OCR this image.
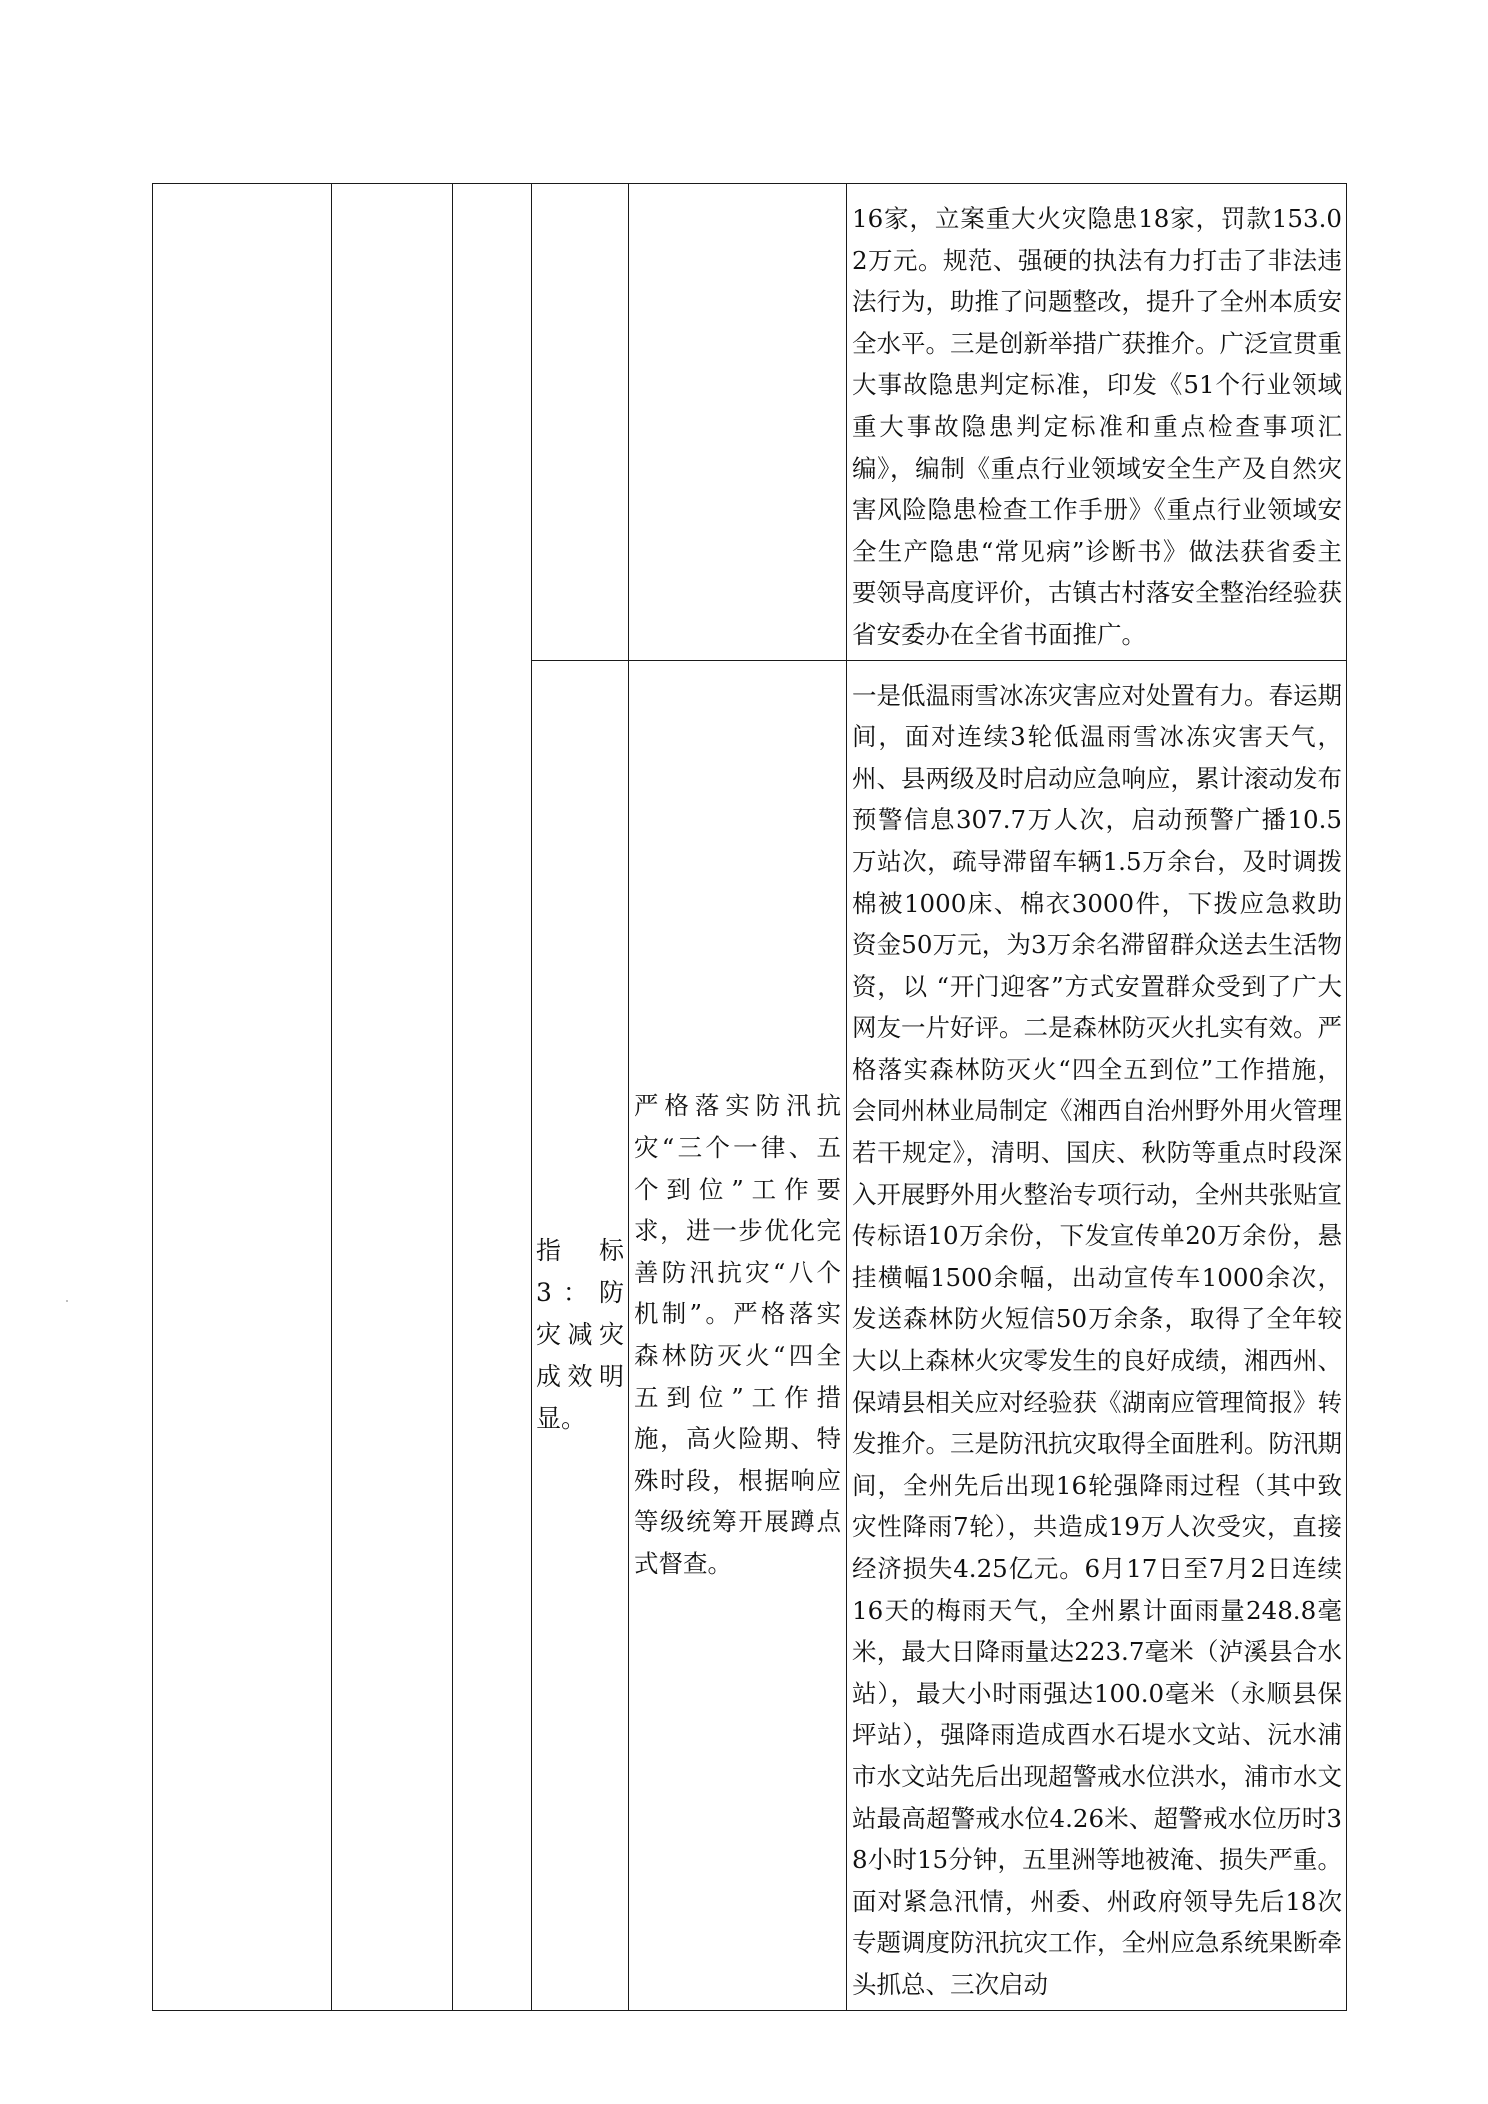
					16家，立案重大火灾隐患18家，罚款153.02万元。规范、强硬的执法有力打击了非法违法行为，助推了问题整改，提升了全州本质安全水平。三是创新举措广获推介。广泛宣贯重大事故隐患判定标准，印发《51个行业领域重大事故隐患判定标准和重点检查事项汇编》，编制《重点行业领域安全生产及自然灾害风险隐患检查工作手册》《重点行业领域安全生产隐患“常见病”诊断书》做法获省委主要领导高度评价，古镇古村落安全整治经验获省安委办在全省书面推广。

			指标3：防灾减灾成效明显。	严格落实防汛抗灾“三个一律、五个到位”工作要求，进一步优化完善防汛抗灾“八个机制”。严格落实森林防灭火“四全五到位”工作措施，高火险期、特殊时段，根据响应等级统筹开展蹲点式督查。	一是低温雨雪冰冻灾害应对处置有力。春运期间，面对连续3轮低温雨雪冰冻灾害天气，州、县两级及时启动应急响应，累计滚动发布预警信息307.7万人次，启动预警广播10.5万站次，疏导滞留车辆1.5万余台，及时调拨棉被1000床、棉衣3000件，下拨应急救助资金50万元，为3万余名滞留群众送去生活物资，以 “开门迎客”方式安置群众受到了广大网友一片好评。二是森林防灭火扎实有效。严格落实森林防灭火“四全五到位”工作措施，会同州林业局制定《湘西自治州野外用火管理若干规定》，清明、国庆、秋防等重点时段深入开展野外用火整治专项行动，全州共张贴宣传标语10万余份，下发宣传单20万余份，悬挂横幅1500余幅，出动宣传车1000余次，发送森林防火短信50万余条，取得了全年较大以上森林火灾零发生的良好成绩，湘西州、保靖县相关应对经验获《湖南应管理简报》转发推介。三是防汛抗灾取得全面胜利。防汛期间，全州先后出现16轮强降雨过程（其中致灾性降雨7轮），共造成19万人次受灾，直接经济损失4.25亿元。6月17日至7月2日连续16天的梅雨天气，全州累计面雨量248.8毫米，最大日降雨量达223.7毫米（泸溪县合水站），最大小时雨强达100.0毫米（永顺县保坪站），强降雨造成酉水石堤水文站、沅水浦市水文站先后出现超警戒水位洪水，浦市水文站最高超警戒水位4.26米、超警戒水位历时38小时15分钟，五里洲等地被淹、损失严重。面对紧急汛情，州委、州政府领导先后18次专题调度防汛抗灾工作，全州应急系统果断牵头抓总、三次启动
